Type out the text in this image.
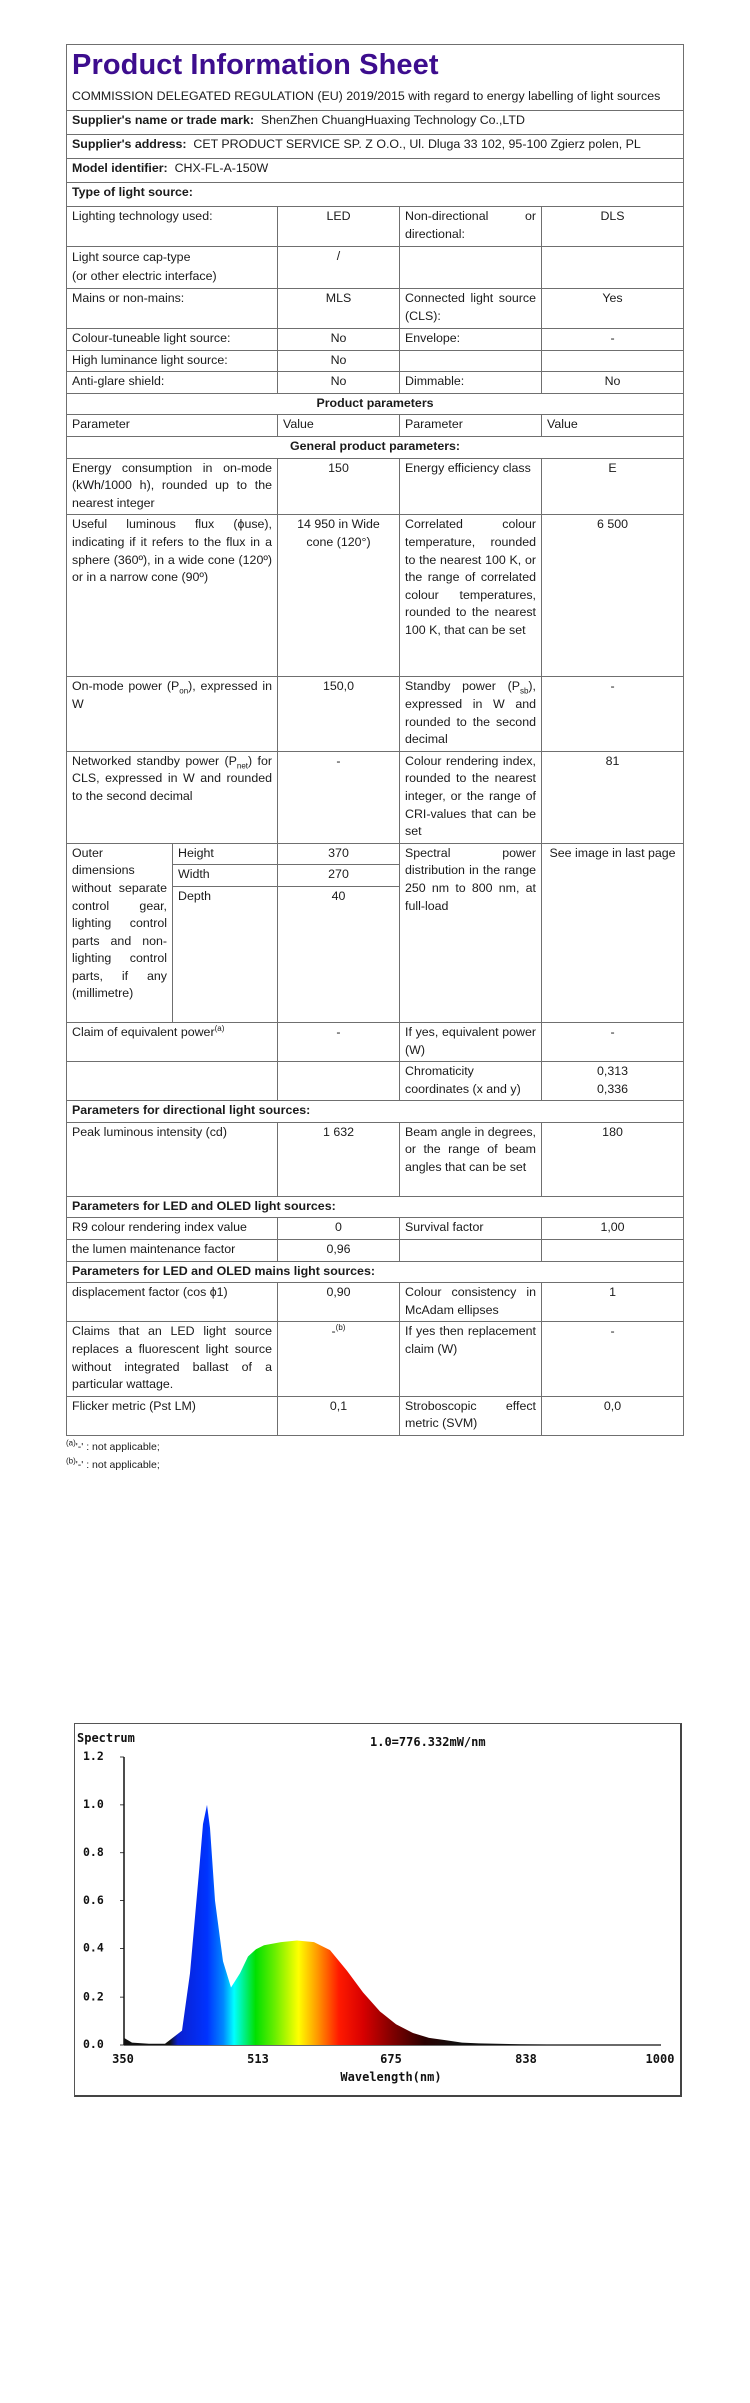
Product Information Sheet
COMMISSION DELEGATED REGULATION (EU) 2019/2015 with regard to energy labelling of light sources				

Supplier's name or trade mark: ShenZhen ChuangHuaxing Technology Co.,LTD				
Supplier's address: CET PRODUCT SERVICE SP. Z O.O., Ul. Dluga 33 102, 95-100 Zgierz polen, PL				
Model identifier: CHX-FL-A-150W				
Type of light source:				
Lighting technology used:		LED	Non-directional or directional:	DLS

Light source cap-type
(or other electric interface)		/		
Mains or non-mains:		MLS	Connected light source (CLS):	Yes
Colour-tuneable light source:		No	Envelope:	-
High luminance light source:		No		
Anti-glare shield:		No	Dimmable:	No
Product parameters				
Parameter		Value	Parameter	Value
General product parameters:				
Energy consumption in on-mode (kWh/1000 h), rounded up to the nearest integer		150	Energy efficiency class	E
Useful luminous flux (ϕuse), indicating if it refers to the flux in a sphere (360º), in a wide cone (120º) or in a narrow cone (90º)		14 950 in Wide cone (120°)	Correlated colour temperature, rounded to the nearest 100 K, or the range of correlated colour temperatures, rounded to the nearest 100 K, that can be set	6 500
On-mode power $(P_{on})$, expressed in W		150,0	Standby power $(P_{sb})$, expressed in W and rounded to the second decimal	-
Networked standby power $(P_{net})$ for CLS, expressed in W and rounded to the second decimal		-	Colour rendering index, rounded to the nearest integer, or the range of CRI-values that can be set	81
Outer dimensions without separate control gear, lighting control parts and non-lighting control parts, if any (millimetre)	Height	370	Spectral power distribution in the range 250 nm to 800 nm, at full-load	See image in last page
	Width	270		
	Depth	40		
Claim of equivalent power$^{(a)}$		-	If yes, equivalent power (W)	-
			Chromaticity coordinates (x and y)	0,313
0,336

Parameters for directional light sources:				
Peak luminous intensity (cd)		1 632	Beam angle in degrees, or the range of beam angles that can be set	180
Parameters for LED and OLED light sources:				
R9 colour rendering index value		0	Survival factor	1,00
the lumen maintenance factor		0,96		
Parameters for LED and OLED mains light sources:				
displacement factor (cos ϕ1)		0,90	Colour consistency in McAdam ellipses	1
Claims that an LED light source replaces a fluorescent light source without integrated ballast of a particular wattage.		-$^{(b)}$	If yes then replacement claim (W)	-
Flicker metric (Pst LM)		0,1	Stroboscopic effect metric (SVM)	0,0
$^{(a)}$'-' : not applicable;
$^{(b)}$'-' : not applicable;
Spectrum	1.0=776.332mW/nm
0.0
0.2
0.4
0.6
0.8
1.0
1.2
350	513	675	838	1000
Wavelength(nm)
